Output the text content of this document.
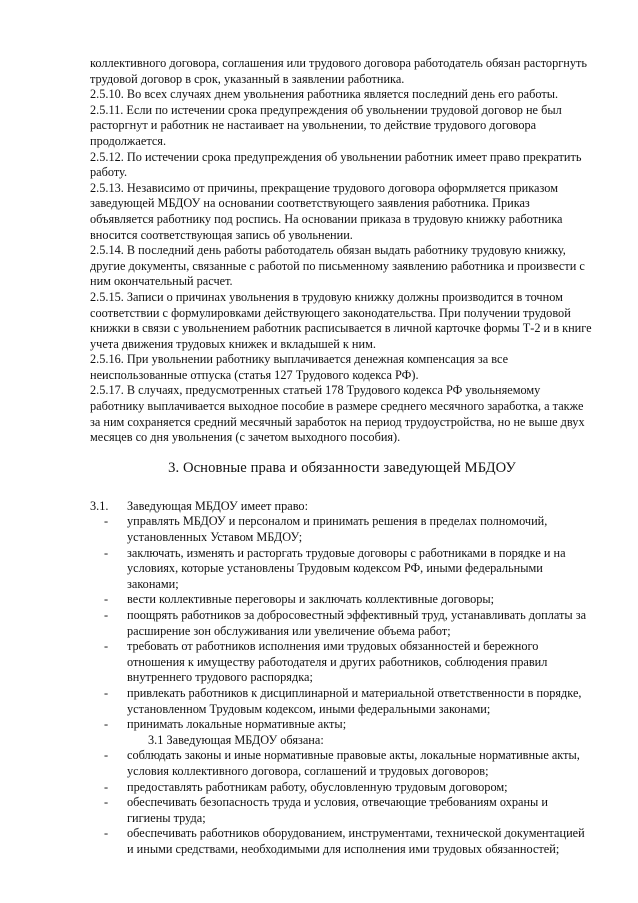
коллективного договора, соглашения или трудового договора работодатель обязан расторгнуть трудовой договор в срок, указанный в заявлении работника.

2.5.10. Во всех случаях днем увольнения работника является последний день его работы.

2.5.11. Если по истечении срока предупреждения об увольнении трудовой договор не был расторгнут и работник не настаивает на увольнении, то действие трудового договора продолжается.

2.5.12. По истечении срока предупреждения об увольнении работник имеет право прекратить работу.

2.5.13. Независимо от причины, прекращение трудового договора оформляется приказом заведующей МБДОУ на основании соответствующего заявления работника. Приказ объявляется работнику под роспись. На основании приказа в трудовую книжку работника вносится соответствующая запись об увольнении.

2.5.14. В последний день работы работодатель обязан выдать работнику трудовую книжку, другие документы, связанные с работой по письменному заявлению работника и произвести с ним окончательный расчет.

2.5.15. Записи о причинах увольнения в трудовую книжку должны производится в точном соответствии с формулировками действующего законодательства. При получении трудовой книжки в связи с увольнением работник расписывается в личной карточке формы Т-2 и в книге учета движения трудовых книжек и вкладышей к ним.

2.5.16. При увольнении работнику выплачивается денежная компенсация за все неиспользованные отпуска (статья 127 Трудового кодекса РФ).

2.5.17. В случаях, предусмотренных статьей 178 Трудового кодекса РФ увольняемому работнику выплачивается выходное пособие в размере среднего месячного заработка, а также за ним сохраняется средний месячный заработок на период трудоустройства, но не выше двух месяцев со дня увольнения (с зачетом выходного пособия).

3. Основные права и обязанности заведующей МБДОУ
3.1.	Заведующая МБДОУ имеет право:
-	управлять МБДОУ и персоналом и принимать решения в пределах полномочий, установленных Уставом МБДОУ;
-	заключать, изменять и расторгать трудовые договоры с работниками в порядке и на условиях, которые установлены Трудовым кодексом РФ, иными федеральными законами;
-	вести коллективные переговоры и заключать коллективные договоры;
-	поощрять работников за добросовестный эффективный труд, устанавливать доплаты за расширение зон обслуживания или увеличение объема работ;
-	требовать от работников исполнения ими трудовых обязанностей и бережного отношения к имуществу работодателя и других работников, соблюдения правил внутреннего трудового распорядка;
-	привлекать работников к дисциплинарной и материальной ответственности в порядке, установленном Трудовым кодексом, иными федеральными законами;
-	принимать локальные нормативные акты;
3.1 Заведующая МБДОУ обязана:
-	соблюдать законы и иные нормативные правовые акты, локальные нормативные акты, условия коллективного договора, соглашений и трудовых договоров;
-	предоставлять работникам работу, обусловленную трудовым договором;
-	обеспечивать безопасность труда и условия, отвечающие требованиям охраны и гигиены труда;
-	обеспечивать работников оборудованием, инструментами, технической документацией и иными средствами, необходимыми для исполнения ими трудовых обязанностей;
